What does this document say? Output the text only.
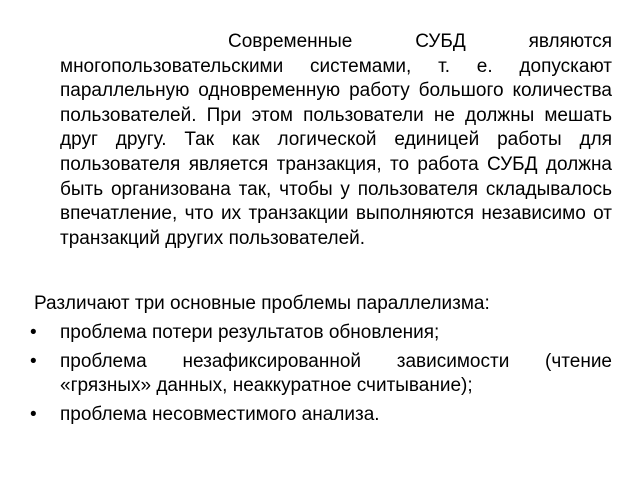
Современные СУБД являются многопользовательскими системами, т. е. допускают параллельную одновременную работу большого количества пользователей. При этом пользователи не должны мешать друг другу. Так как логической единицей работы для пользователя является транзакция, то работа СУБД должна быть организована так, чтобы у пользователя складывалось впечатление, что их транзакции выполняются независимо от транзакций других пользователей.

Различают три основные проблемы параллелизма:

• проблема потери результатов обновления;
• проблема незафиксированной зависимости (чтение «грязных» данных, неаккуратное считывание);
• проблема несовместимого анализа.
